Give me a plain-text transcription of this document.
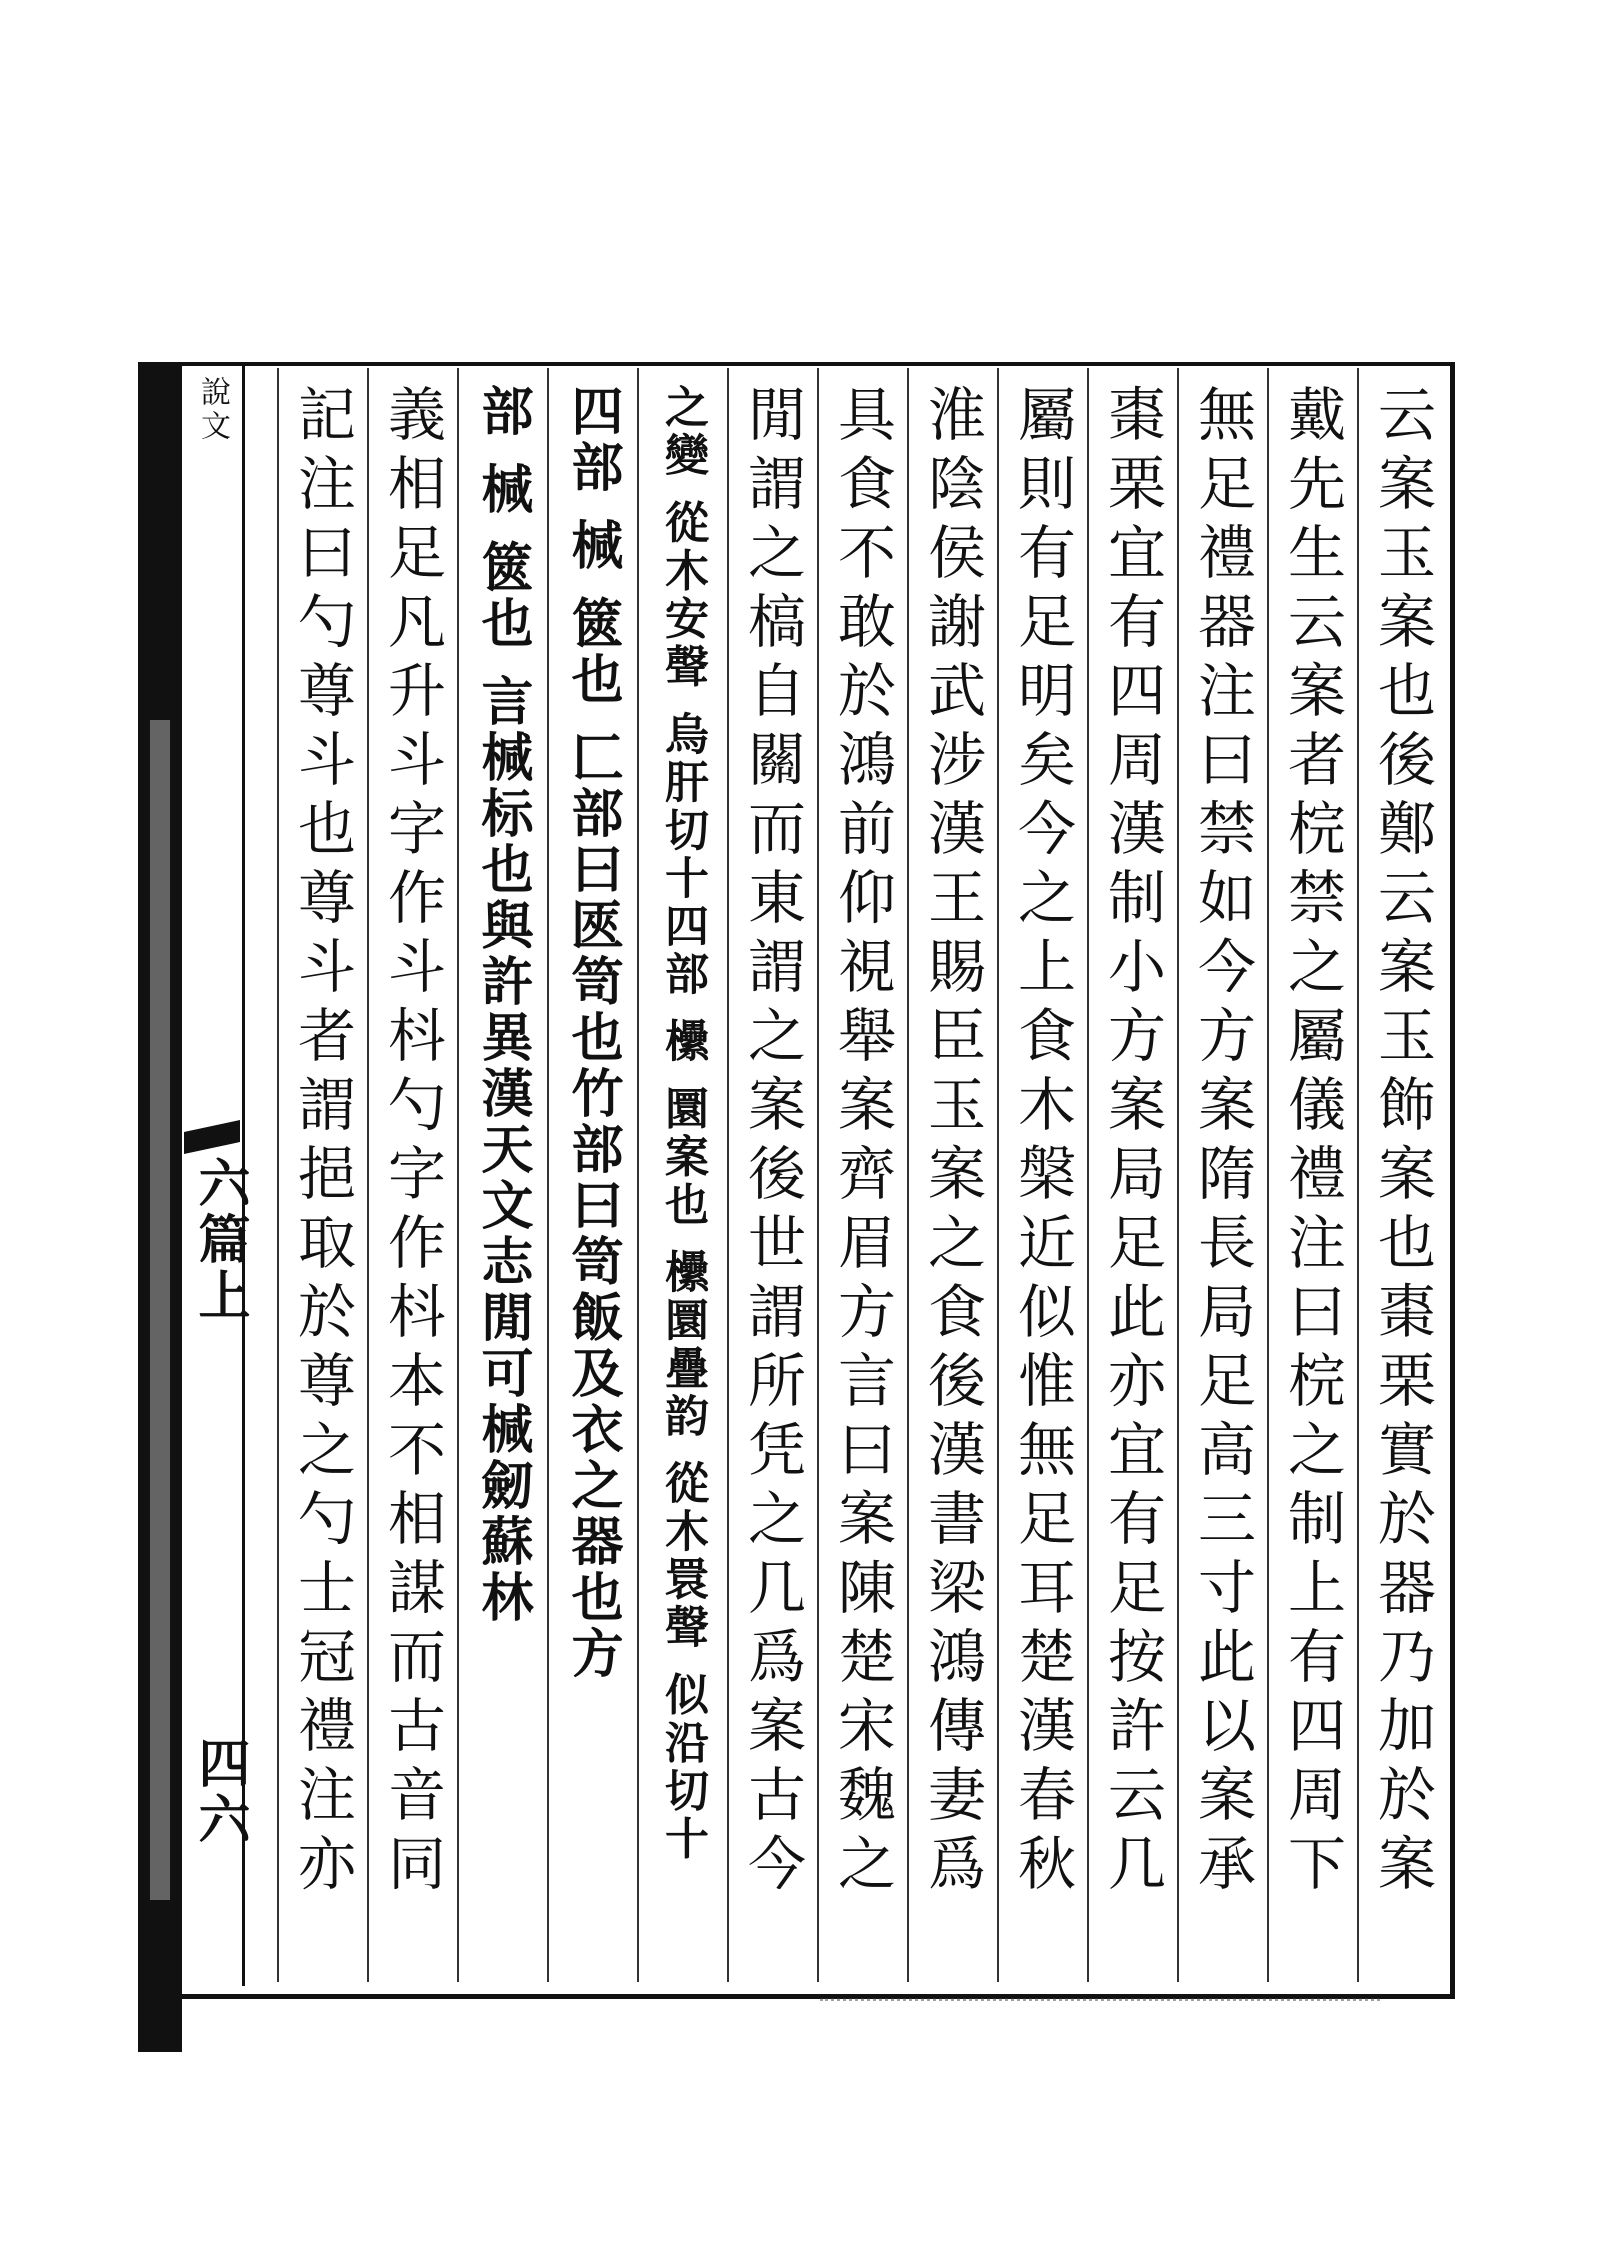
說文
六篇上
四六	云案玉案也後鄭云案玉飾案也棗栗實於器乃加於案
戴先生云案者梡禁之屬儀禮注曰梡之制上有四周下
無足禮器注曰禁如今方案隋長局足高三寸此以案承
棗栗宜有四周漢制小方案局足此亦宜有足按許云几
屬則有足明矣今之上食木槃近似惟無足耳楚漢春秋
淮陰侯謝武涉漢王賜臣玉案之食後漢書梁鴻傳妻爲
具食不敢於鴻前仰視舉案齊眉方言曰案陳楚宋魏之
閒謂之槁自關而東謂之案後世謂所凭之几爲案古今
之變 從木安聲 烏肝切十四部 欙 圜案也 欙圜疊韵 從木睘聲 似沿切十
四部 椷 篋也 匚部曰匧笥也竹部曰笥飯及衣之器也方
部 椷 篋也 言椷标也與許異漢天文志閒可椷劒蘇林
義相足凡升斗字作斗枓勺字作枓本不相謀而古音同
記注曰勺尊斗也尊斗者謂挹取於尊之勺士冠禮注亦
